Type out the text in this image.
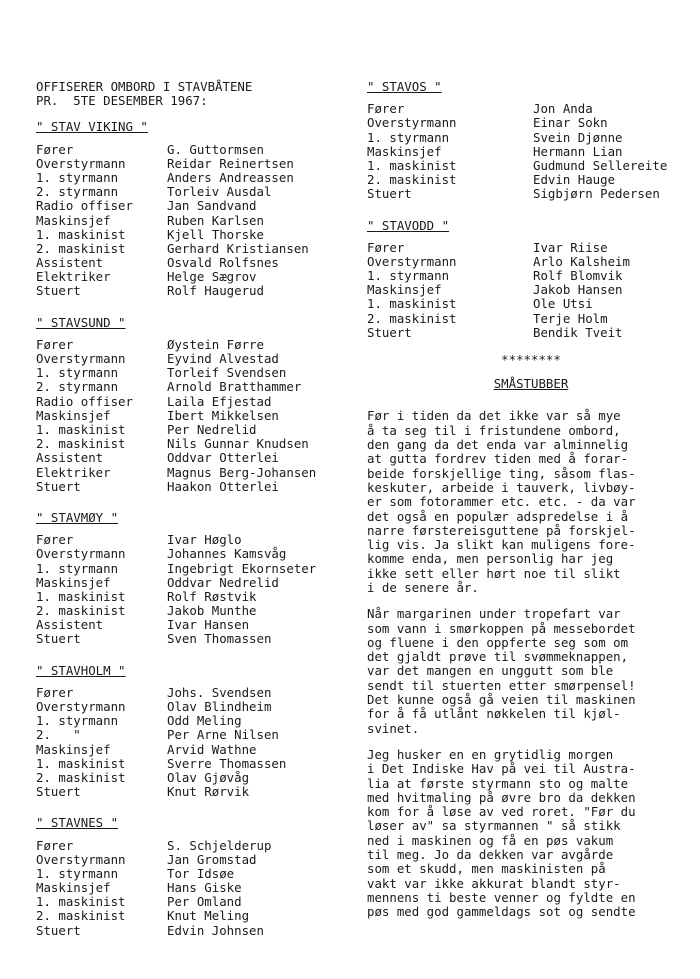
OFFISERER OMBORD I STAVBÅTENE
PR.  5TE DESEMBER 1967:
" STAV VIKING "
Fører	G. Guttormsen
Overstyrmann	Reidar Reinertsen
1. styrmann	Anders Andreassen
2. styrmann	Torleiv Ausdal
Radio offiser	Jan Sandvand
Maskinsjef	Ruben Karlsen
1. maskinist	Kjell Thorske
2. maskinist	Gerhard Kristiansen
Assistent	Osvald Rolfsnes
Elektriker	Helge Sægrov
Stuert	Rolf Haugerud
" STAVSUND "
Fører	Øystein Førre
Overstyrmann	Eyvind Alvestad
1. styrmann	Torleif Svendsen
2. styrmann	Arnold Bratthammer
Radio offiser	Laila Efjestad
Maskinsjef	Ibert Mikkelsen
1. maskinist	Per Nedrelid
2. maskinist	Nils Gunnar Knudsen
Assistent	Oddvar Otterlei
Elektriker	Magnus Berg-Johansen
Stuert	Haakon Otterlei
" STAVMØY "
Fører	Ivar Høglo
Overstyrmann	Johannes Kamsvåg
1. styrmann	Ingebrigt Ekornseter
Maskinsjef	Oddvar Nedrelid
1. maskinist	Rolf Røstvik
2. maskinist	Jakob Munthe
Assistent	Ivar Hansen
Stuert	Sven Thomassen
" STAVHOLM "
Fører	Johs. Svendsen
Overstyrmann	Olav Blindheim
1. styrmann	Odd Meling
2.   "	Per Arne Nilsen
Maskinsjef	Arvid Wathne
1. maskinist	Sverre Thomassen
2. maskinist	Olav Gjøvåg
Stuert	Knut Rørvik
" STAVNES "
Fører	S. Schjelderup
Overstyrmann	Jan Gromstad
1. styrmann	Tor Idsøe
Maskinsjef	Hans Giske
1. maskinist	Per Omland
2. maskinist	Knut Meling
Stuert	Edvin Johnsen
" STAVOS "
Fører	Jon Anda
Overstyrmann	Einar Sokn
1. styrmann	Svein Djønne
Maskinsjef	Hermann Lian
1. maskinist	Gudmund Sellereite
2. maskinist	Edvin Hauge
Stuert	Sigbjørn Pedersen
" STAVODD "
Fører	Ivar Riise
Overstyrmann	Arlo Kalsheim
1. styrmann	Rolf Blomvik
Maskinsjef	Jakob Hansen
1. maskinist	Ole Utsi
2. maskinist	Terje Holm
Stuert	Bendik Tveit
********
SMÅSTUBBER
Før i tiden da det ikke var så mye
å ta seg til i fristundene ombord,
den gang da det enda var alminnelig
at gutta fordrev tiden med å forar-
beide forskjellige ting, såsom flas-
keskuter, arbeide i tauverk, livbøy-
er som fotorammer etc. etc. - da var
det også en populær adspredelse i å
narre førstereisguttene på forskjel-
lig vis. Ja slikt kan muligens fore-
komme enda, men personlig har jeg
ikke sett eller hørt noe til slikt
i de senere år.
Når margarinen under tropefart var
som vann i smørkoppen på messebordet
og fluene i den oppferte seg som om
det gjaldt prøve til svømmeknappen,
var det mangen en unggutt som ble
sendt til stuerten etter smørpensel!
Det kunne også gå veien til maskinen
for å få utlånt nøkkelen til kjøl-
svinet.
Jeg husker en en grytidlig morgen
i Det Indiske Hav på vei til Austra-
lia at første styrmann sto og malte
med hvitmaling på øvre bro da dekken
kom for å løse av ved roret. "Før du
løser av" sa styrmannen " så stikk
ned i maskinen og få en pøs vakum
til meg. Jo da dekken var avgårde
som et skudd, men maskinisten på
vakt var ikke akkurat blandt styr-
mennens ti beste venner og fyldte en
pøs med god gammeldags sot og sendte
